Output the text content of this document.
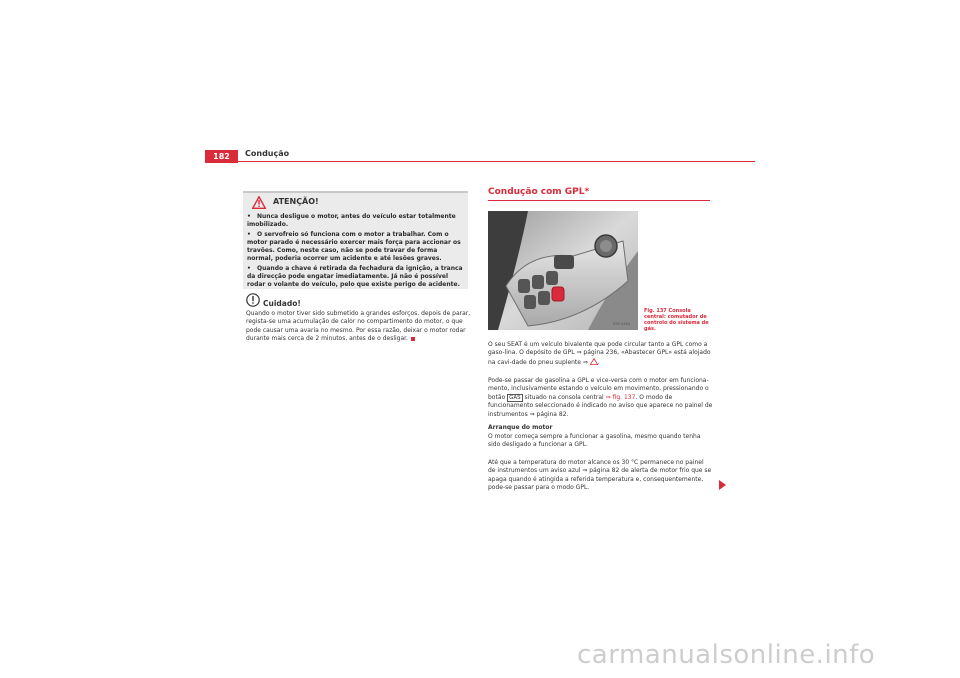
182	Condução
ATENÇÃO!
• Nunca desligue o motor, antes do veículo estar totalmente imobilizado.
• O servofreio só funciona com o motor a trabalhar. Com o motor parado é necessário exercer mais força para accionar os travões. Como, neste caso, não se pode travar de forma normal, poderia ocorrer um acidente e até lesões graves.
• Quando a chave é retirada da fechadura da ignição, a tranca da direcção pode engatar imediatamente. Já não é possível rodar o volante do veículo, pelo que existe perigo de acidente.
Cuidado!
Quando o motor tiver sido submetido a grandes esforços, depois de parar, regista-se uma acumulação de calor no compartimento do motor, o que pode causar uma avaria no mesmo. Por essa razão, deixar o motor rodar durante mais cerca de 2 minutos, antes de o desligar.
Condução com GPL*
B5P-0464
Fig. 137 Consola central: comutador de controlo do sistema de gás.
O seu SEAT é um veículo bivalente que pode circular tanto a GPL como a gaso-lina. O depósito de GPL ⇒ página 236, «Abastecer GPL» está alojado na cavi-dade do pneu suplente ⇒ .
Pode-se passar de gasolina a GPL e vice-versa com o motor em funciona-mento, inclusivamente estando o veículo em movimento, pressionando o botão GAS situado na consola central ⇒ fig. 137. O modo de funcionamento seleccionado é indicado no aviso que aparece no painel de instrumentos ⇒ página 82.
Arranque do motor
O motor começa sempre a funcionar a gasolina, mesmo quando tenha sido desligado a funcionar a GPL.
Até que a temperatura do motor alcance os 30 °C permanece no painel de instrumentos um aviso azul ⇒ página 82 de alerta de motor frio que se apaga quando é atingida a referida temperatura e, consequentemente, pode-se passar para o modo GPL.
carmanualsonline.info
